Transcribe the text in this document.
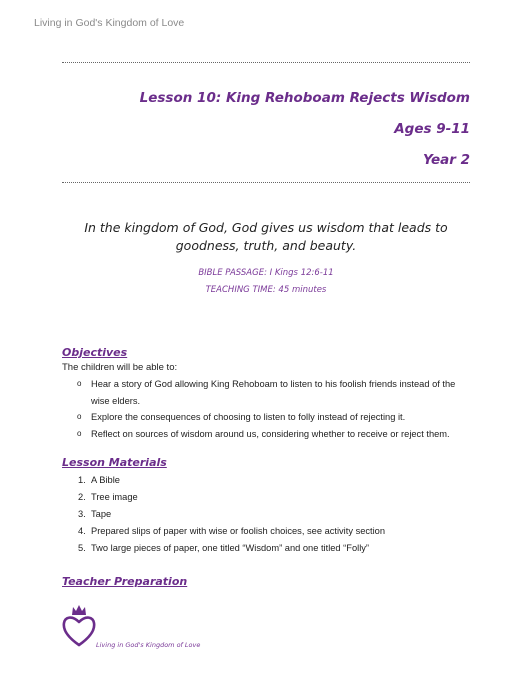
Living in God's Kingdom of Love
Lesson 10: King Rehoboam Rejects Wisdom
Ages 9-11
Year 2

In the kingdom of God, God gives us wisdom that leads to goodness, truth, and beauty.

BIBLE PASSAGE: I Kings 12:6-11

TEACHING TIME: 45 minutes

Objectives

The children will be able to:

o Hear a story of God allowing King Rehoboam to listen to his foolish friends instead of the wise elders.
o Explore the consequences of choosing to listen to folly instead of rejecting it.
o Reflect on sources of wisdom around us, considering whether to receive or reject them.
Lesson Materials
1. A Bible
2. Tree image
3. Tape
4. Prepared slips of paper with wise or foolish choices, see activity section
5. Two large pieces of paper, one titled “Wisdom” and one titled “Folly”
Teacher Preparation

Living in God's Kingdom of Love
